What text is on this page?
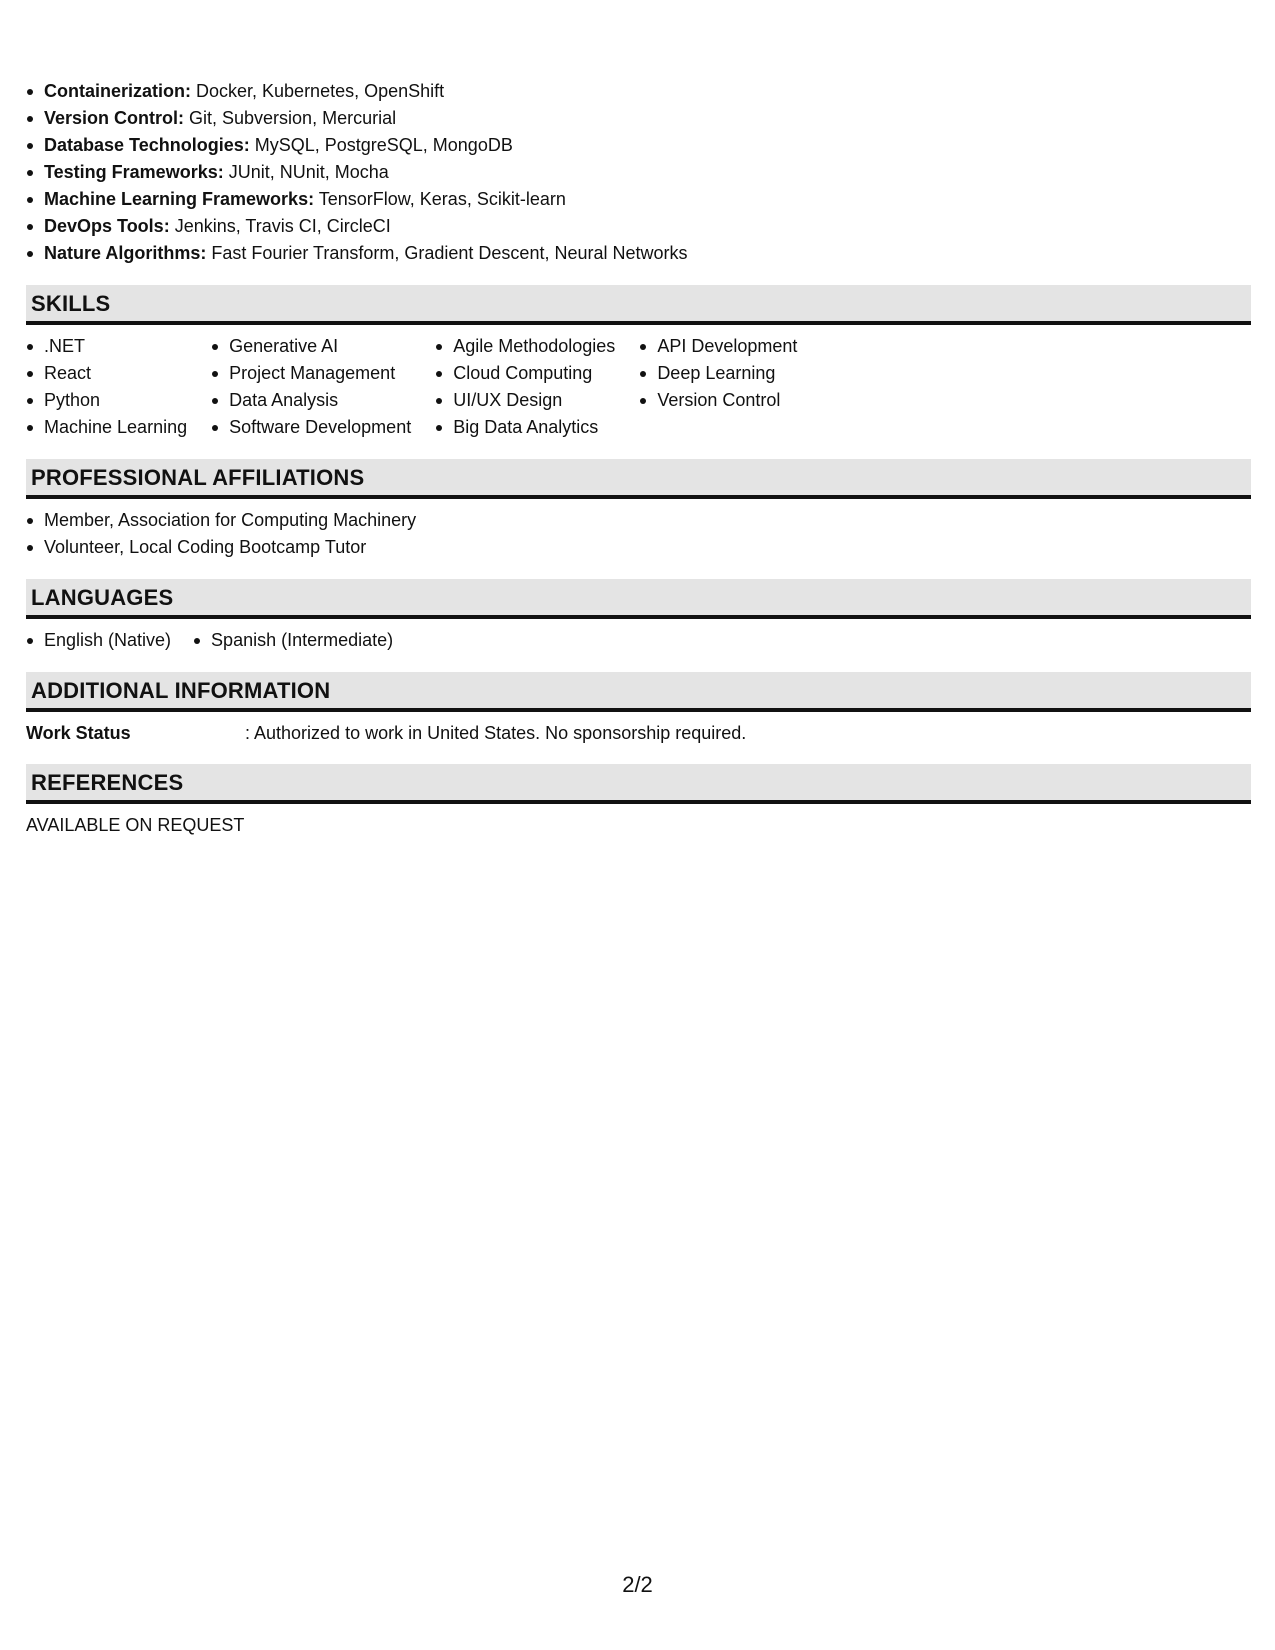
Containerization: Docker, Kubernetes, OpenShift
Version Control: Git, Subversion, Mercurial
Database Technologies: MySQL, PostgreSQL, MongoDB
Testing Frameworks: JUnit, NUnit, Mocha
Machine Learning Frameworks: TensorFlow, Keras, Scikit-learn
DevOps Tools: Jenkins, Travis CI, CircleCI
Nature Algorithms: Fast Fourier Transform, Gradient Descent, Neural Networks
SKILLS
.NET
React
Python
Machine Learning
Generative AI
Project Management
Data Analysis
Software Development
Agile Methodologies
Cloud Computing
UI/UX Design
Big Data Analytics
API Development
Deep Learning
Version Control
PROFESSIONAL AFFILIATIONS
Member, Association for Computing Machinery
Volunteer, Local Coding Bootcamp Tutor
LANGUAGES
English (Native)	Spanish (Intermediate)
ADDITIONAL INFORMATION
Work Status	: Authorized to work in United States. No sponsorship required.
REFERENCES
AVAILABLE ON REQUEST
2/2
